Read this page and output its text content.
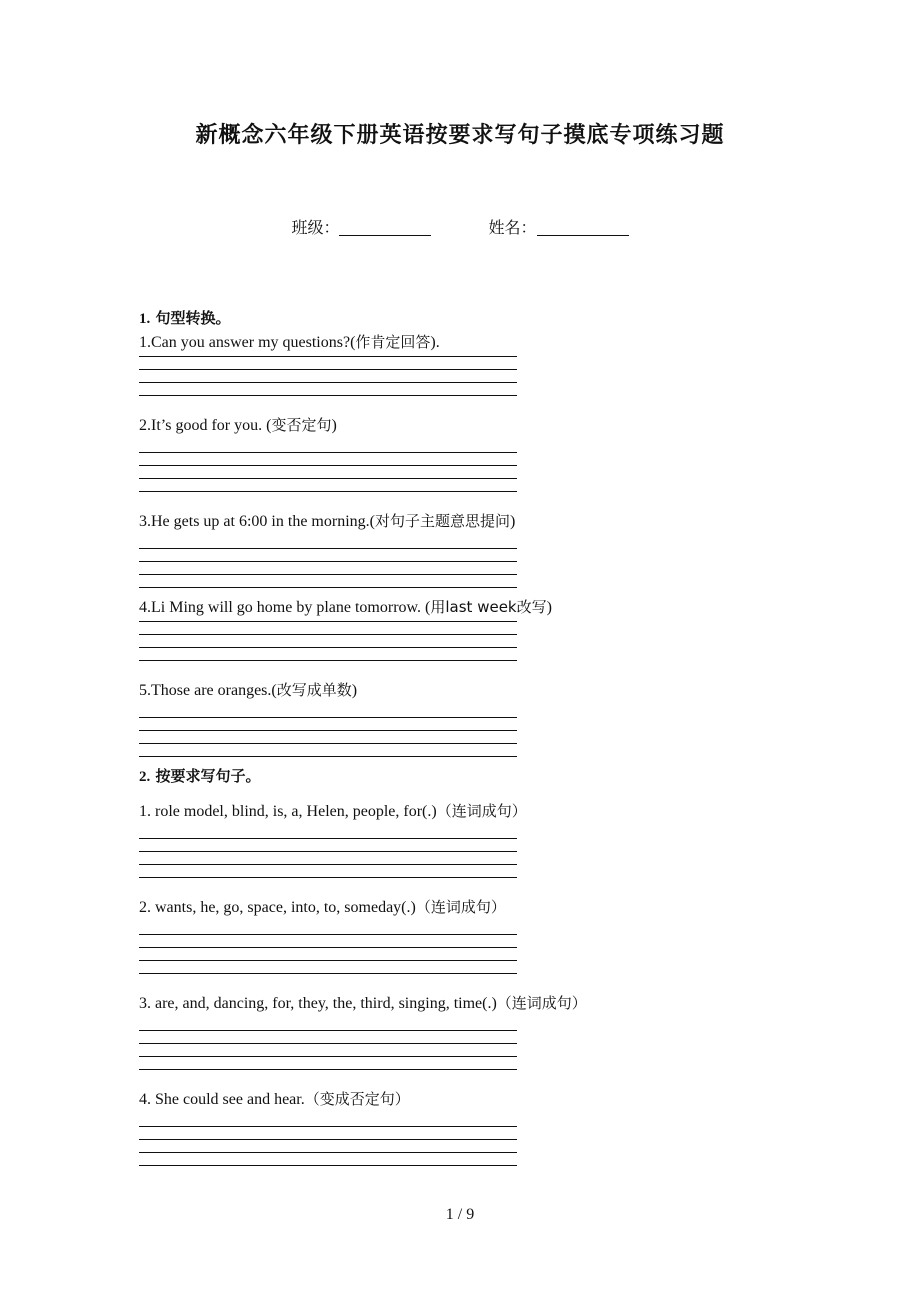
新概念六年级下册英语按要求写句子摸底专项练习题
班级：	姓名：
1. 句型转换。
1.Can you answer my questions?(作肯定回答).
2.It’s good for you. (变否定句)
3.He gets up at 6:00 in the morning.(对句子主题意思提问)
4.Li Ming will go home by plane tomorrow. (用last week改写)
5.Those are oranges.(改写成单数)
2. 按要求写句子。
1. role model, blind, is, a, Helen, people, for(.)（连词成句）
2. wants, he, go, space, into, to, someday(.)（连词成句）
3. are, and, dancing, for, they, the, third, singing, time(.)（连词成句）
4. She could see and hear.（变成否定句）
1 / 9
